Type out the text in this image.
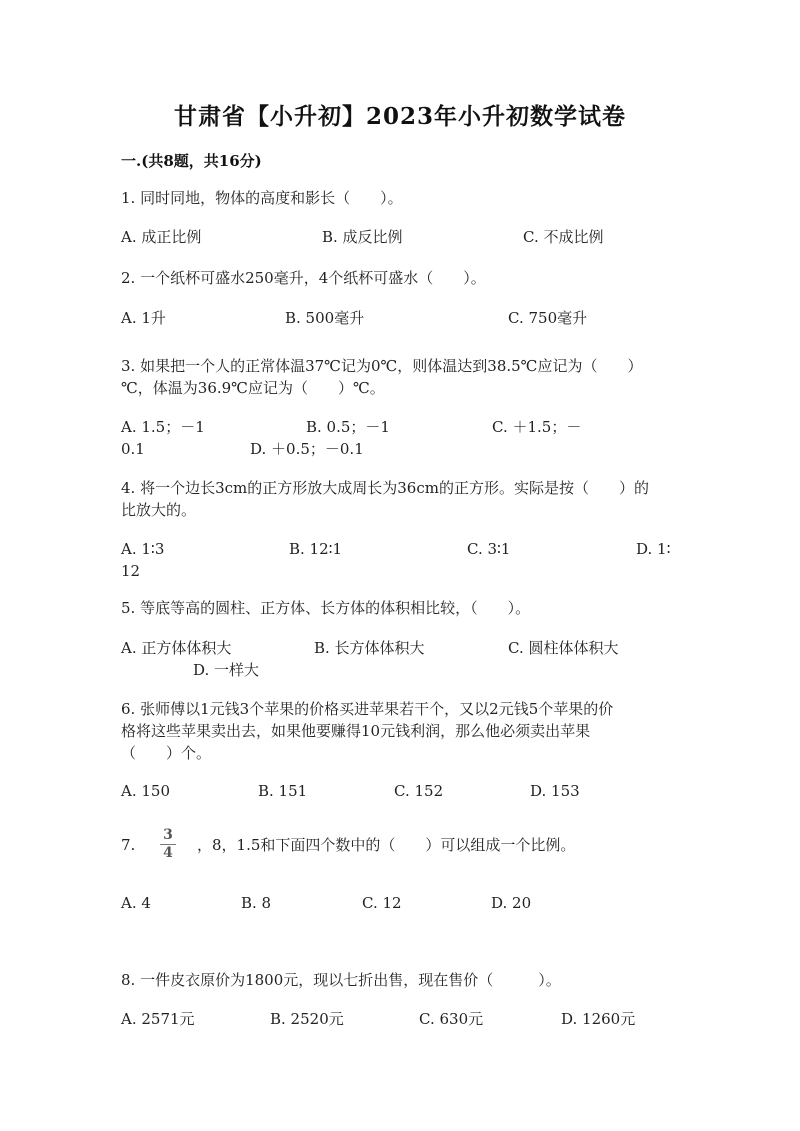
甘肃省【小升初】2023年小升初数学试卷
一.(共8题，共16分)
1. 同时同地，物体的高度和影长（　　）。
A. 成正比例	B. 成反比例	C. 不成比例
2. 一个纸杯可盛水250毫升，4个纸杯可盛水（　　）。
A. 1升	B. 500毫升	C. 750毫升
3. 如果把一个人的正常体温37℃记为0℃，则体温达到38.5℃应记为（　　）
℃，体温为36.9℃应记为（　　）℃。
A. 1.5；－1	B. 0.5；－1	C. ＋1.5；－
0.1	D. ＋0.5；－0.1
4. 将一个边长3cm的正方形放大成周长为36cm的正方形。实际是按（　　）的
比放大的。
A. 1∶3	B. 12∶1	C. 3∶1	D. 1∶
12
5. 等底等高的圆柱、正方体、长方体的体积相比较，（　　）。
A. 正方体体积大	B. 长方体体积大	C. 圆柱体体积大
D. 一样大
6. 张师傅以1元钱3个苹果的价格买进苹果若干个，又以2元钱5个苹果的价
格将这些苹果卖出去，如果他要赚得10元钱利润，那么他必须卖出苹果
（　　）个。
A. 150	B. 151	C. 152	D. 153
7.
3
4 ，8，1.5和下面四个数中的（　　）可以组成一个比例。
A. 4	B. 8	C. 12	D. 20
8. 一件皮衣原价为1800元，现以七折出售，现在售价（　　　）。
A. 2571元	B. 2520元	C. 630元	D. 1260元
